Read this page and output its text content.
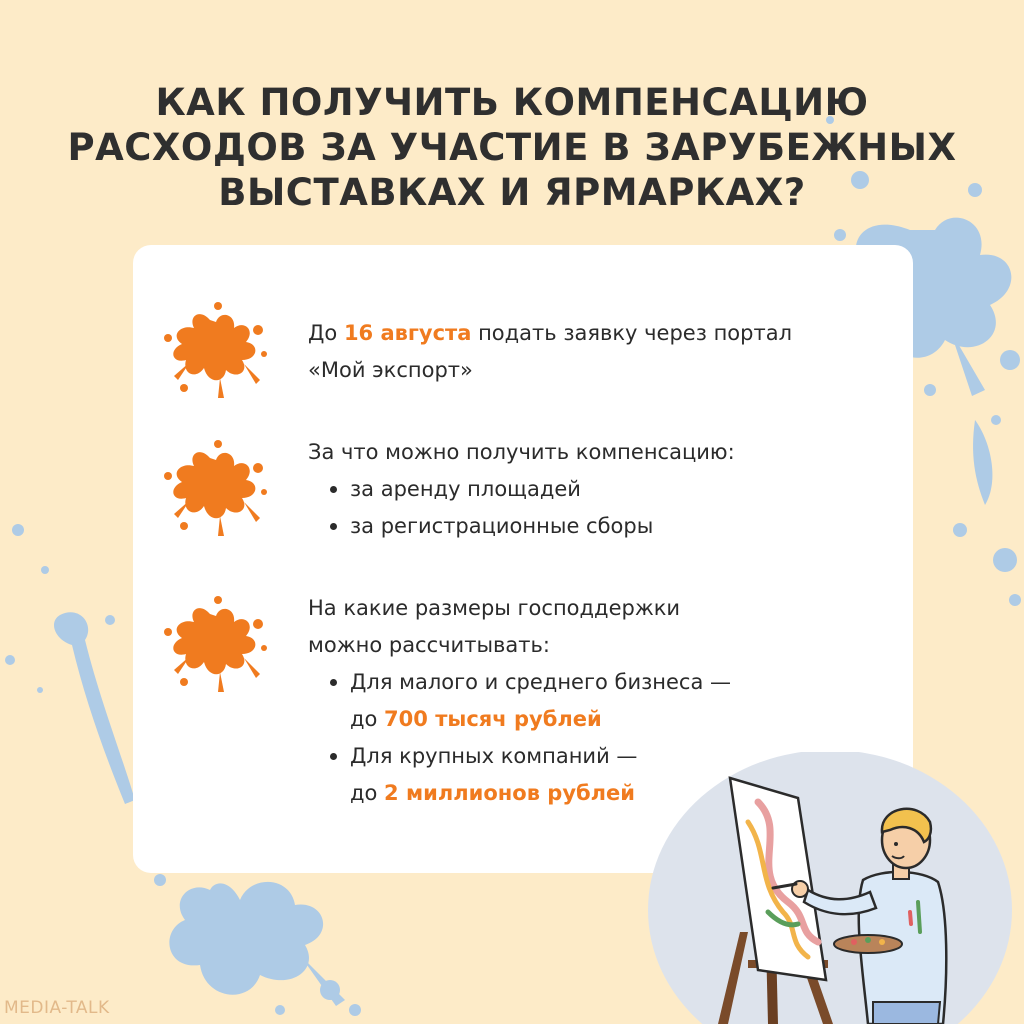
КАК ПОЛУЧИТЬ КОМПЕНСАЦИЮ
РАСХОДОВ ЗА УЧАСТИЕ В ЗАРУБЕЖНЫХ
ВЫСТАВКАХ И ЯРМАРКАХ?
До 16 августа подать заявку через портал
«Мой экспорт»
За что можно получить компенсацию:
за аренду площадей
за регистрационные сборы
На какие размеры господдержки
можно рассчитывать:
Для малого и среднего бизнеса —
до 700 тысяч рублей
Для крупных компаний —
до 2 миллионов рублей
MEDIA-TALK
